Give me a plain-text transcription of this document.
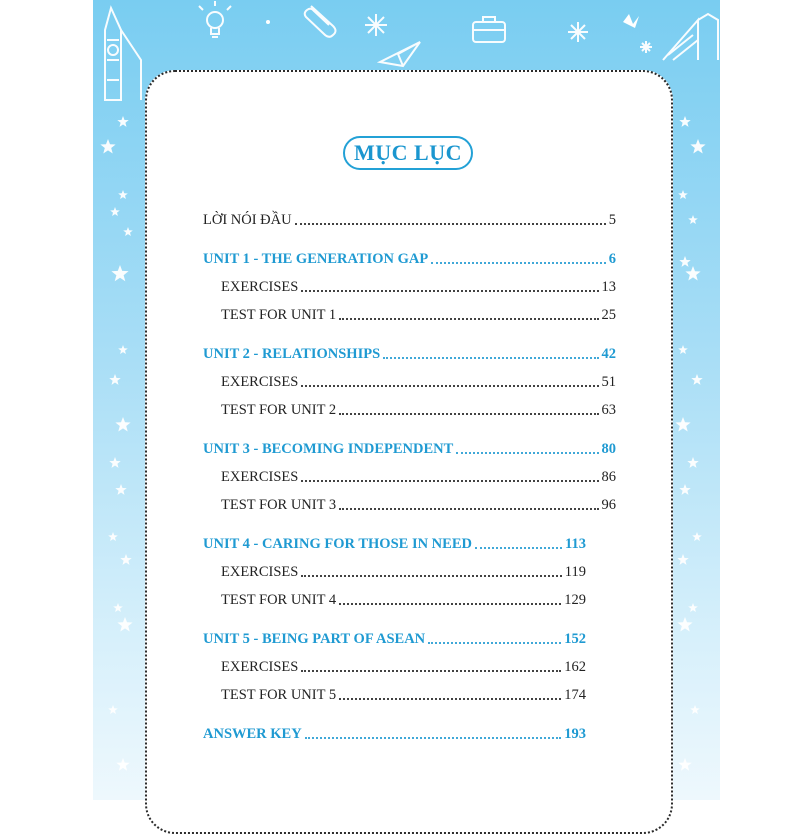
MỤC LỤC
LỜI NÓI ĐẦU	5
UNIT 1 - THE GENERATION GAP	6
EXERCISES	13
TEST FOR UNIT 1	25
UNIT 2 - RELATIONSHIPS	42
EXERCISES	51
TEST FOR UNIT 2	63
UNIT 3 - BECOMING INDEPENDENT	80
EXERCISES	86
TEST FOR UNIT 3	96
UNIT 4 - CARING FOR THOSE IN NEED	113
EXERCISES	119
TEST FOR UNIT 4	129
UNIT 5 - BEING PART OF ASEAN	152
EXERCISES	162
TEST FOR UNIT 5	174
ANSWER KEY	193
